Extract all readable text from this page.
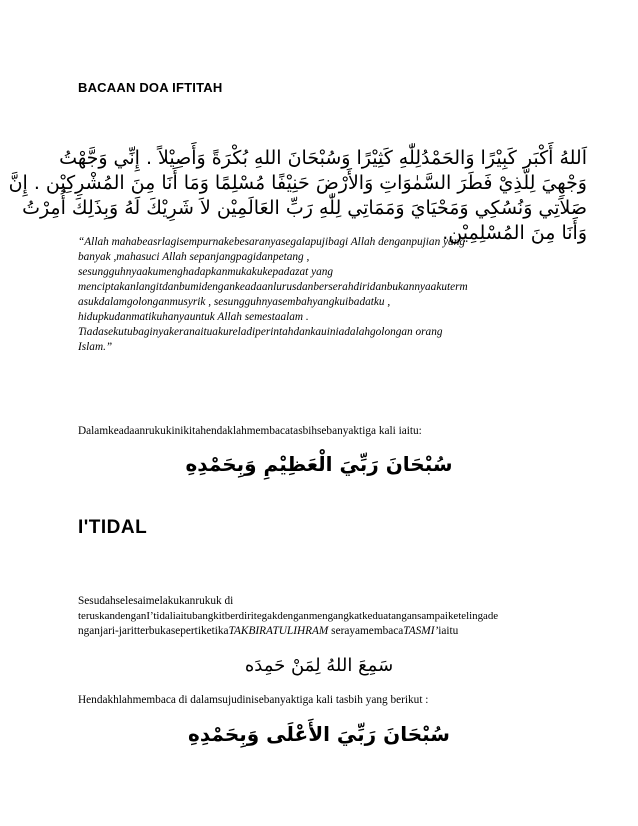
BACAAN DOA IFTITAH
اَللهُ أَكْبَر كَبِيْرًا وَالحَمْدُلِلّٰهِ كَثِيْرًا وَسُبْحَانَ اللهِ بُكْرَةً وَأَصِيْلاً . إِنِّي وَجَّهْتُ
وَجْهِيَ لِلَّذِيْ فَطَرَ السَّمٰوَاتِ وَالأَرْضَ حَنِيْفًا مُسْلِمًا وَمَا أَنَا مِنَ المُشْرِكِيْن . إِنَّ
صَلاَتِي وَنُسُكِي وَمَحْيَايَ وَمَمَاتِي لِلّٰهِ رَبِّ العَالَمِيْن لاَ شَرِيْكَ لَهُ وَبِذَلِكَ أُمِرْتُ
وَأَنَا مِنَ المُسْلِمِيْن.
“Allah mahabeasrlagisempurnakebesaranyasegalapujibagi Allah denganpujian yang
banyak ,mahasuci Allah sepanjangpagidanpetang ,
sesungguhnyaakumenghadapkanmukakukepadazat yang
menciptakanlangitdanbumidengankeadaanlurusdanberserahdiridanbukannyaakuterm
asukdalamgolonganmusyrik , sesungguhnyasembahyangkuibadatku ,
hidupkudanmatikuhanyauntuk Allah semestaalam .
Tiadasekutubaginyakeranaituakureladiperintahdankauiniadalahgolongan orang
Islam.”
Dalamkeadaanrukukinikitahendaklahmembacatasbihsebanyaktiga kali iaitu:
سُبْحَانَ رَبِّيَ الْعَظِيْمِ وَبِحَمْدِهِ
I'TIDAL
Sesudahselesaimelakukanrukuk di
teruskandenganI’tidaliaitubangkitberdiritegakdenganmengangkatkeduatangansampaiketelingade
nganjari-jaritterbukasepertiketikaTAKBIRATULIHRAM serayamembacaTASMI’iaitu
سَمِعَ اللهُ لِمَنْ حَمِدَه
Hendakhlahmembaca di dalamsujudinisebanyaktiga kali tasbih yang berikut :
سُبْحَانَ رَبِّيَ الأَعْلَى وَبِحَمْدِهِ
